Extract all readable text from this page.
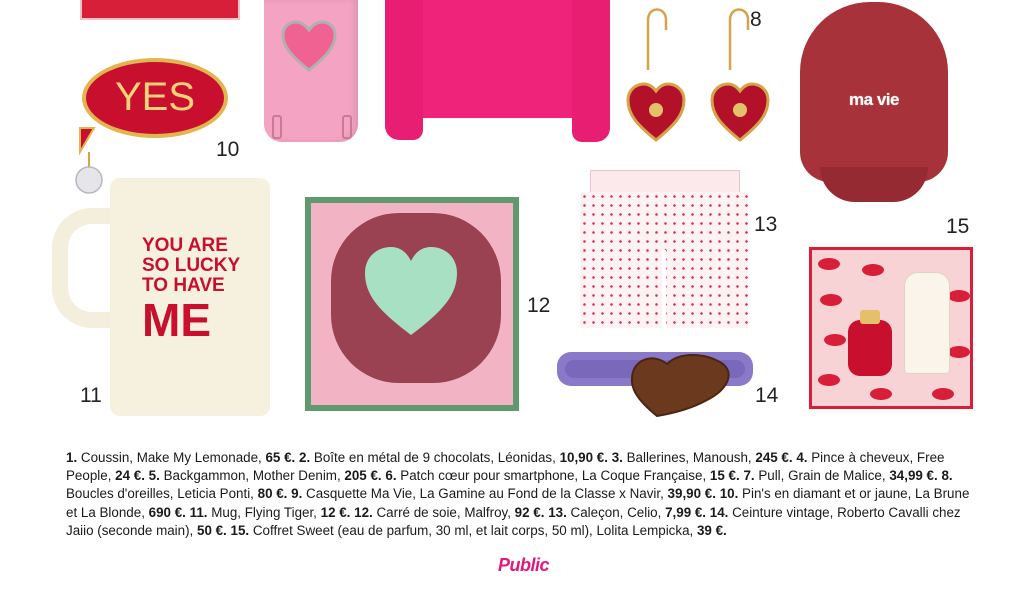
8
ma vie
YES
10
YOU ARE
SO LUCKY
TO HAVE
ME
11
12
13
14
15
1. Coussin, Make My Lemonade, 65 €. 2. Boîte en métal de 9 chocolats, Léonidas, 10,90 €. 3. Ballerines, Manoush, 245 €. 4. Pince à cheveux, Free People, 24 €. 5. Backgammon, Mother Denim, 205 €. 6. Patch cœur pour smartphone, La Coque Française, 15 €. 7. Pull, Grain de Malice, 34,99 €. 8. Boucles d'oreilles, Leticia Ponti, 80 €. 9. Casquette Ma Vie, La Gamine au Fond de la Classe x Navir, 39,90 €. 10. Pin's en diamant et or jaune, La Brune et La Blonde, 690 €. 11. Mug, Flying Tiger, 12 €. 12. Carré de soie, Malfroy, 92 €. 13. Caleçon, Celio, 7,99 €. 14. Ceinture vintage, Roberto Cavalli chez Jaiio (seconde main), 50 €. 15. Coffret Sweet (eau de parfum, 30 ml, et lait corps, 50 ml), Lolita Lempicka, 39 €.
Public
